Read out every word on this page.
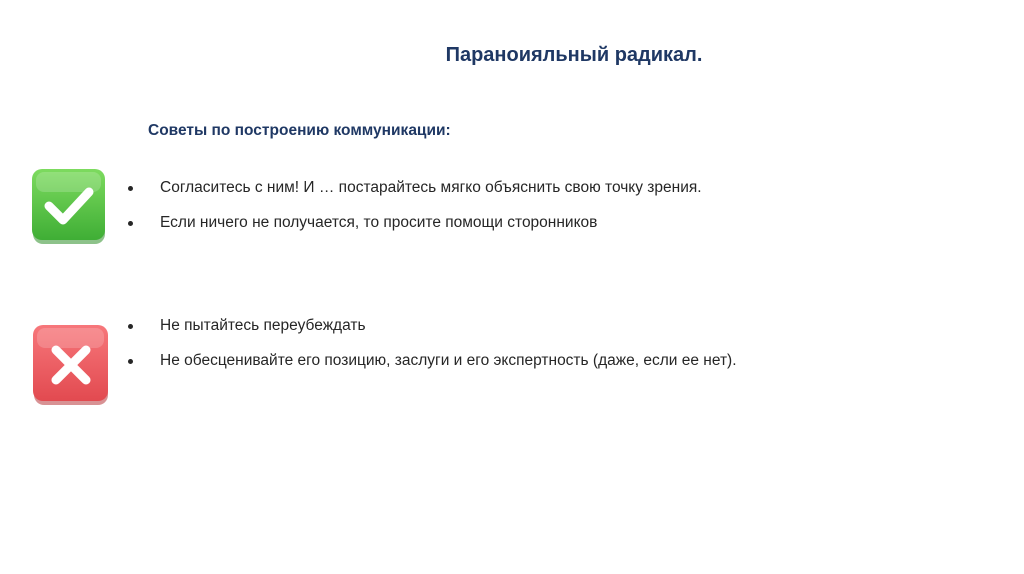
Параноияльный радикал.
Советы по построению коммуникации:
Согласитесь с ним! И … постарайтесь мягко объяснить свою точку зрения.
Если ничего не получается, то просите помощи сторонников
Не пытайтесь переубеждать
Не обесценивайте его позицию, заслуги и его экспертность (даже, если ее нет).
